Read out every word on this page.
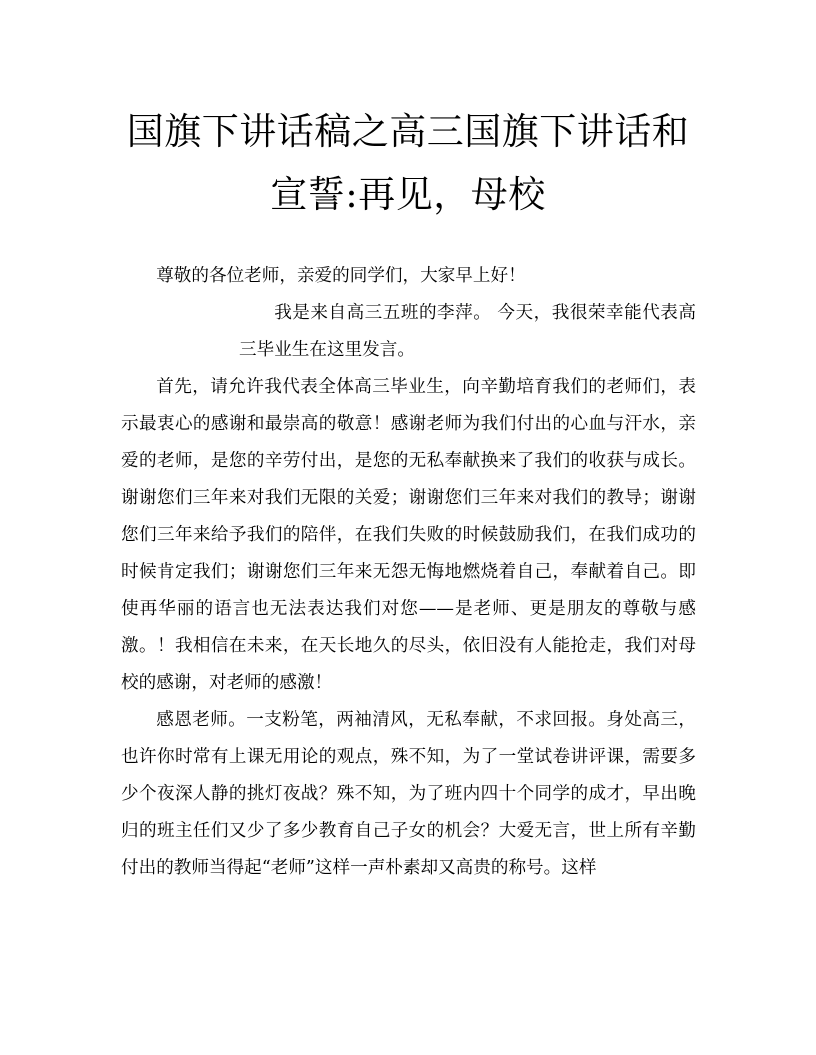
国旗下讲话稿之高三国旗下讲话和宣誓:再见，母校

尊敬的各位老师，亲爱的同学们，大家早上好！

我是来自高三五班的李萍。 今天，我很荣幸能代表高三毕业生在这里发言。

首先，请允许我代表全体高三毕业生，向辛勤培育我们的老师们，表示最衷心的感谢和最崇高的敬意！感谢老师为我们付出的心血与汗水，亲爱的老师，是您的辛劳付出，是您的无私奉献换来了我们的收获与成长。谢谢您们三年来对我们无限的关爱；谢谢您们三年来对我们的教导；谢谢您们三年来给予我们的陪伴，在我们失败的时候鼓励我们，在我们成功的时候肯定我们；谢谢您们三年来无怨无悔地燃烧着自己，奉献着自己。即使再华丽的语言也无法表达我们对您——是老师、更是朋友的尊敬与感激。！我相信在未来，在天长地久的尽头，依旧没有人能抢走，我们对母校的感谢，对老师的感激！

感恩老师。一支粉笔，两袖清风，无私奉献，不求回报。身处高三，也许你时常有上课无用论的观点，殊不知，为了一堂试卷讲评课，需要多少个夜深人静的挑灯夜战？殊不知，为了班内四十个同学的成才，早出晚归的班主任们又少了多少教育自己子女的机会？大爱无言，世上所有辛勤付出的教师当得起“老师”这样一声朴素却又高贵的称号。这样
